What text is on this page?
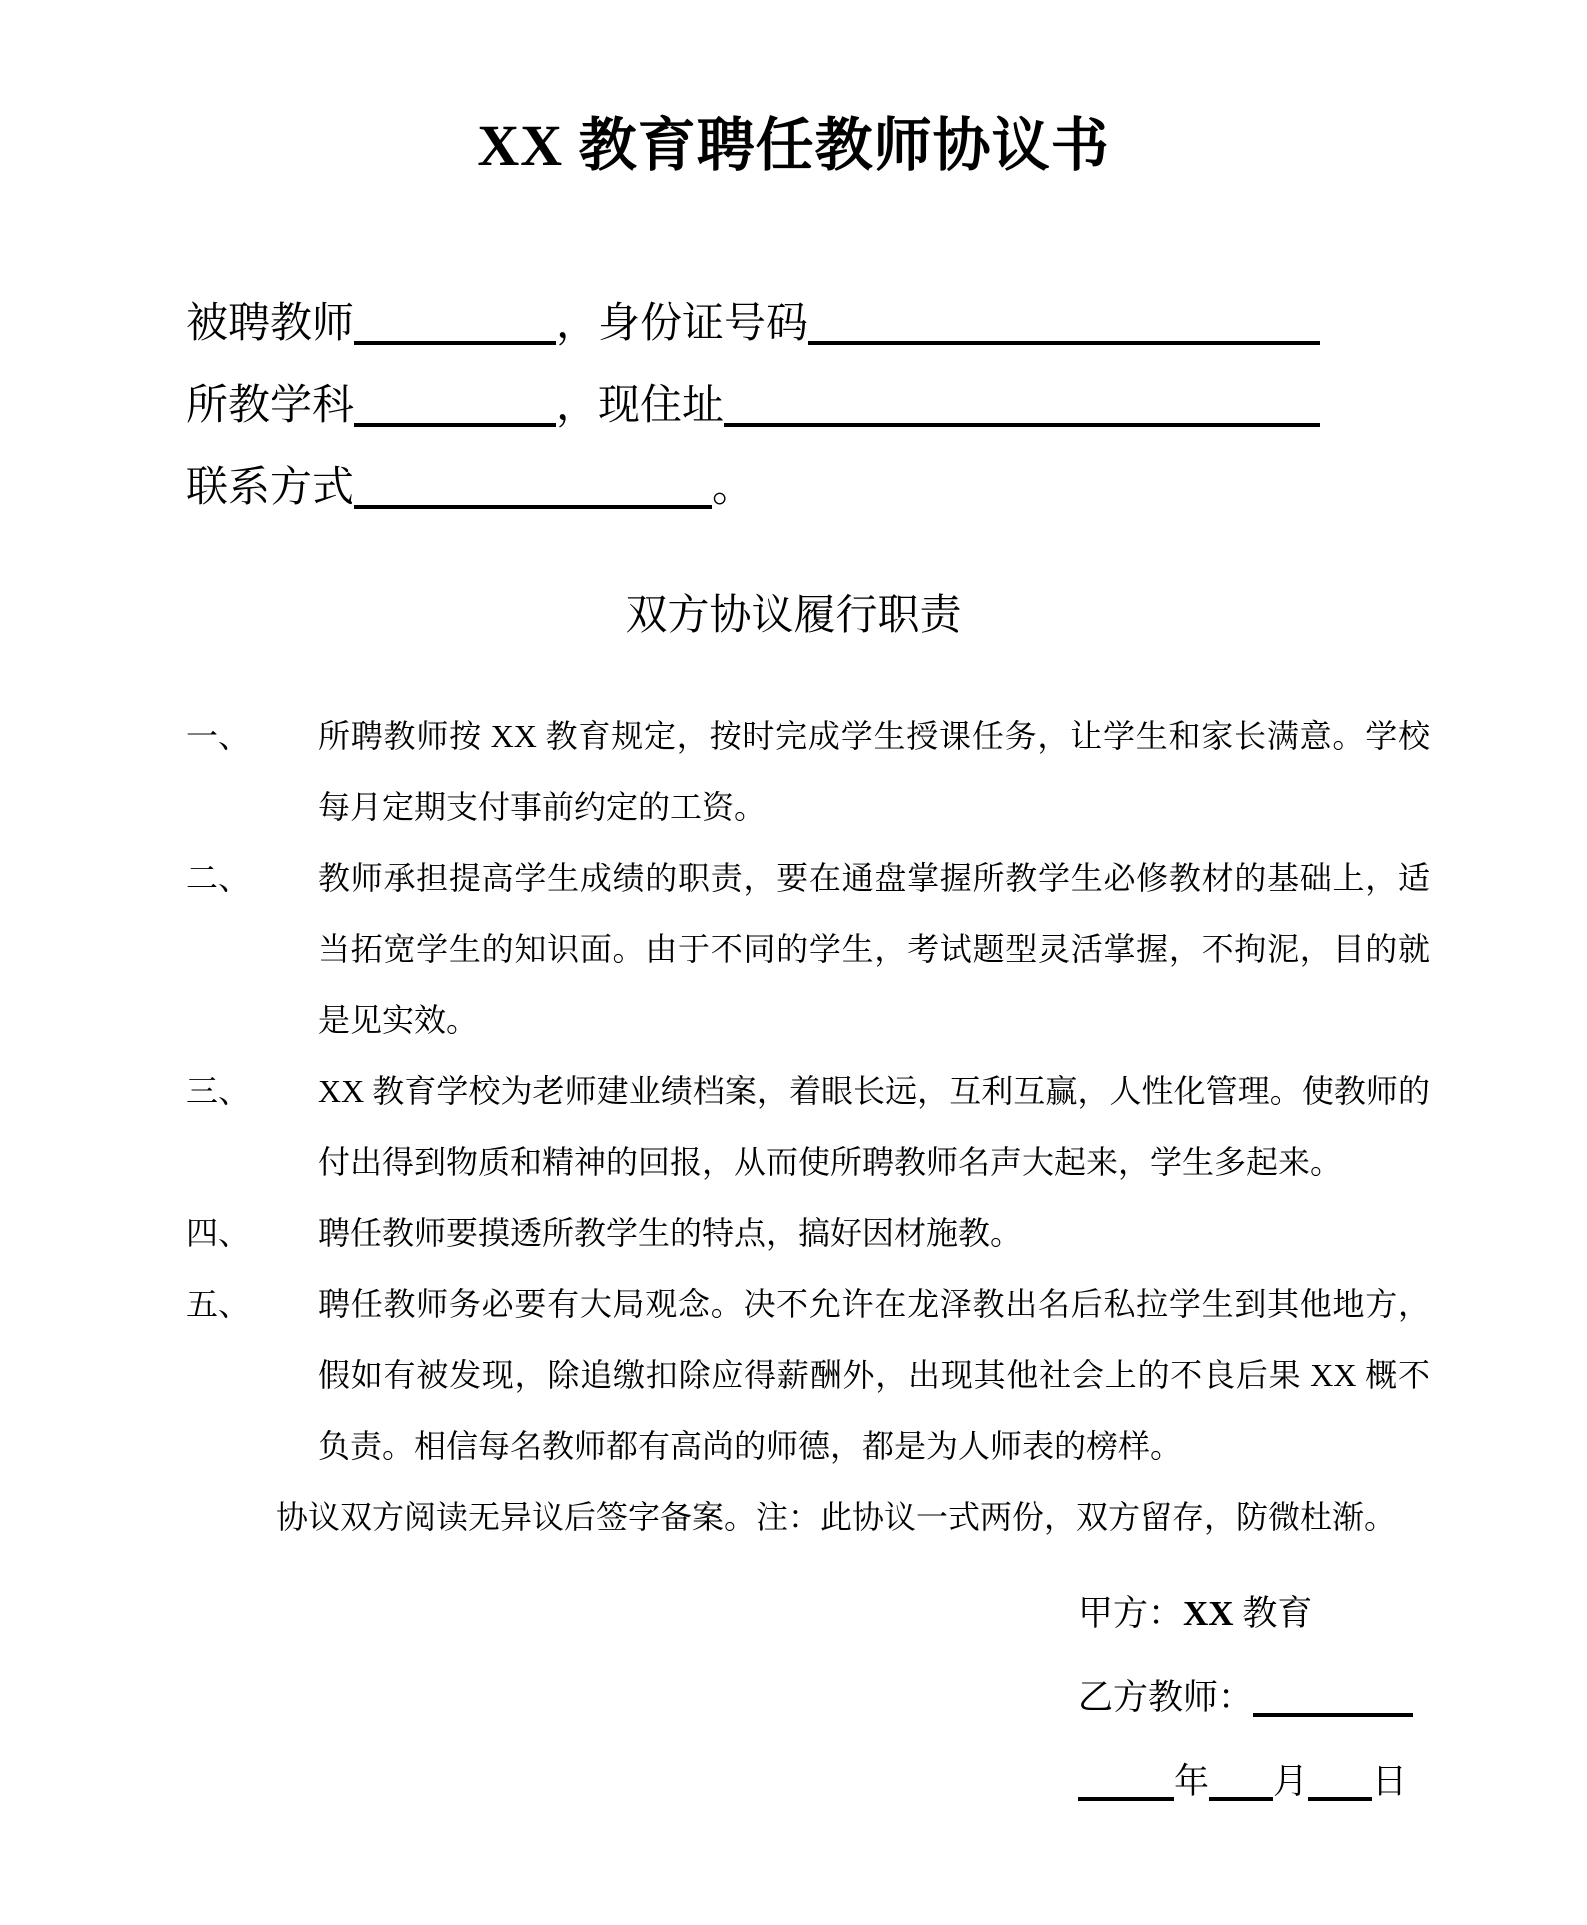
XX 教育聘任教师协议书
被聘教师	，身份证号码
所教学科	，现住址
联系方式	。
双方协议履行职责
一、	所聘教师按 XX 教育规定，按时完成学生授课任务，让学生和家长满意。学校每月定期支付事前约定的工资。

二、	教师承担提高学生成绩的职责，要在通盘掌握所教学生必修教材的基础上，适当拓宽学生的知识面。由于不同的学生，考试题型灵活掌握，不拘泥，目的就是见实效。

三、	XX 教育学校为老师建业绩档案，着眼长远，互利互赢，人性化管理。使教师的付出得到物质和精神的回报，从而使所聘教师名声大起来，学生多起来。

四、	聘任教师要摸透所教学生的特点，搞好因材施教。

五、	聘任教师务必要有大局观念。决不允许在龙泽教出名后私拉学生到其他地方，假如有被发现，除追缴扣除应得薪酬外，出现其他社会上的不良后果 XX 概不负责。相信每名教师都有高尚的师德，都是为人师表的榜样。

协议双方阅读无异议后签字备案。注：此协议一式两份，双方留存，防微杜渐。

甲方：XX 教育
乙方教师：
年 月 日
